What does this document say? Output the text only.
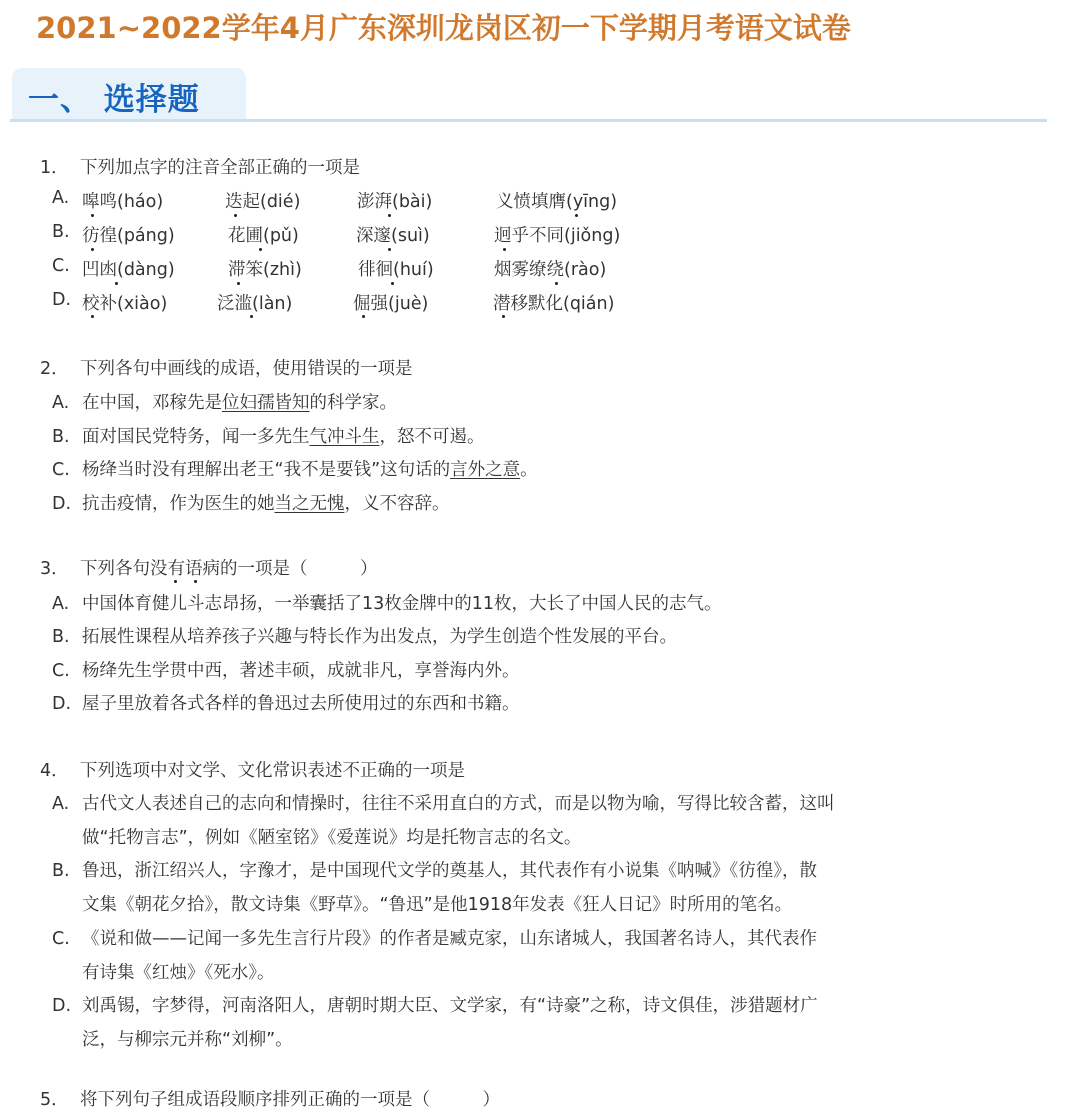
2021~2022学年4月广东深圳龙岗区初一下学期月考语文试卷
一、 选择题
1． 下列加点字的注音全部正确的一项是
A. 嗥鸣(háo)	迭起(dié)	澎湃(bài)	义愤填膺(yīng)
B. 彷徨(páng)	花圃(pǔ)	深邃(suì)	迥乎不同(jiǒng)
C. 凹凼(dàng)	滞笨(zhì)	徘徊(huí)	烟雾缭绕(rào)
D. 校补(xiào)	泛滥(làn)	倔强(juè)	潜移默化(qián)
2． 下列各句中画线的成语，使用错误的一项是
A. 在中国，邓稼先是位妇孺皆知的科学家。
B. 面对国民党特务，闻一多先生气冲斗生，怒不可遏。
C. 杨绛当时没有理解出老王“我不是要钱”这句话的言外之意。
D. 抗击疫情，作为医生的她当之无愧，义不容辞。
3． 下列各句没有语病的一项是（　　　）
A. 中国体育健儿斗志昂扬，一举囊括了13枚金牌中的11枚，大长了中国人民的志气。
B. 拓展性课程从培养孩子兴趣与特长作为出发点，为学生创造个性发展的平台。
C. 杨绛先生学贯中西，著述丰硕，成就非凡，享誉海内外。
D. 屋子里放着各式各样的鲁迅过去所使用过的东西和书籍。
4． 下列选项中对文学、文化常识表述不正确的一项是
A. 古代文人表述自己的志向和情操时，往往不采用直白的方式，而是以物为喻，写得比较含蓄，这叫
做“托物言志”，例如《陋室铭》《爱莲说》均是托物言志的名文。
B. 鲁迅，浙江绍兴人，字豫才，是中国现代文学的奠基人，其代表作有小说集《呐喊》《彷徨》，散
文集《朝花夕拾》，散文诗集《野草》。“鲁迅”是他1918年发表《狂人日记》时所用的笔名。
C. 《说和做——记闻一多先生言行片段》的作者是臧克家，山东诸城人，我国著名诗人，其代表作
有诗集《红烛》《死水》。
D. 刘禹锡，字梦得，河南洛阳人，唐朝时期大臣、文学家，有“诗豪”之称，诗文俱佳，涉猎题材广
泛，与柳宗元并称“刘柳”。
5． 将下列句子组成语段顺序排列正确的一项是（　　　）
